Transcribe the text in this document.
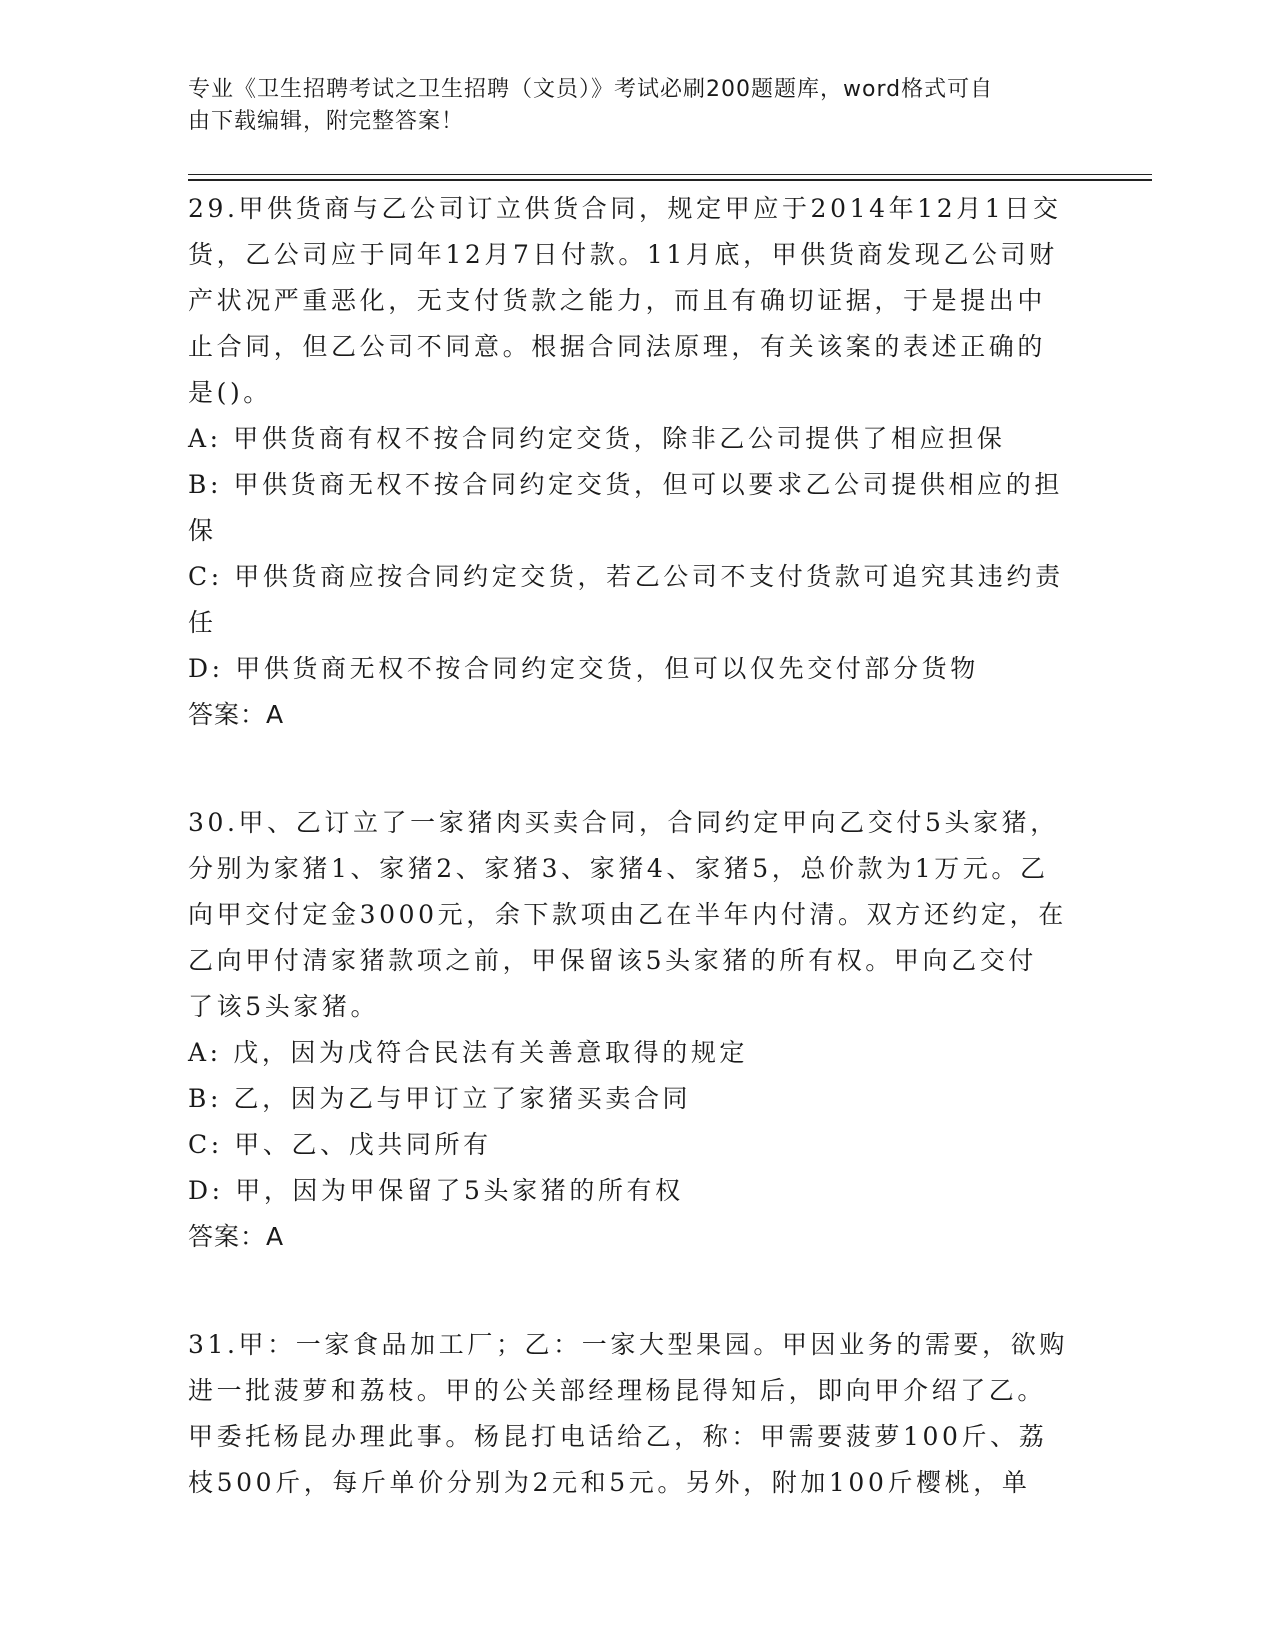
专业《卫生招聘考试之卫生招聘（文员）》考试必刷200题题库，word格式可自
由下载编辑，附完整答案！
29.甲供货商与乙公司订立供货合同，规定甲应于2014年12月1日交
货，乙公司应于同年12月7日付款。11月底，甲供货商发现乙公司财
产状况严重恶化，无支付货款之能力，而且有确切证据，于是提出中
止合同，但乙公司不同意。根据合同法原理，有关该案的表述正确的
是()。
A: 甲供货商有权不按合同约定交货，除非乙公司提供了相应担保
B: 甲供货商无权不按合同约定交货，但可以要求乙公司提供相应的担
保
C: 甲供货商应按合同约定交货，若乙公司不支付货款可追究其违约责
任
D: 甲供货商无权不按合同约定交货，但可以仅先交付部分货物
答案：A
30.甲、乙订立了一家猪肉买卖合同，合同约定甲向乙交付5头家猪，
分别为家猪1、家猪2、家猪3、家猪4、家猪5，总价款为1万元。乙
向甲交付定金3000元，余下款项由乙在半年内付清。双方还约定，在
乙向甲付清家猪款项之前，甲保留该5头家猪的所有权。甲向乙交付
了该5头家猪。
A: 戊，因为戊符合民法有关善意取得的规定
B: 乙，因为乙与甲订立了家猪买卖合同
C: 甲、乙、戊共同所有
D: 甲，因为甲保留了5头家猪的所有权
答案：A
31.甲：一家食品加工厂；乙：一家大型果园。甲因业务的需要，欲购
进一批菠萝和荔枝。甲的公关部经理杨昆得知后，即向甲介绍了乙。
甲委托杨昆办理此事。杨昆打电话给乙，称：甲需要菠萝100斤、荔
枝500斤，每斤单价分别为2元和5元。另外，附加100斤樱桃，单
